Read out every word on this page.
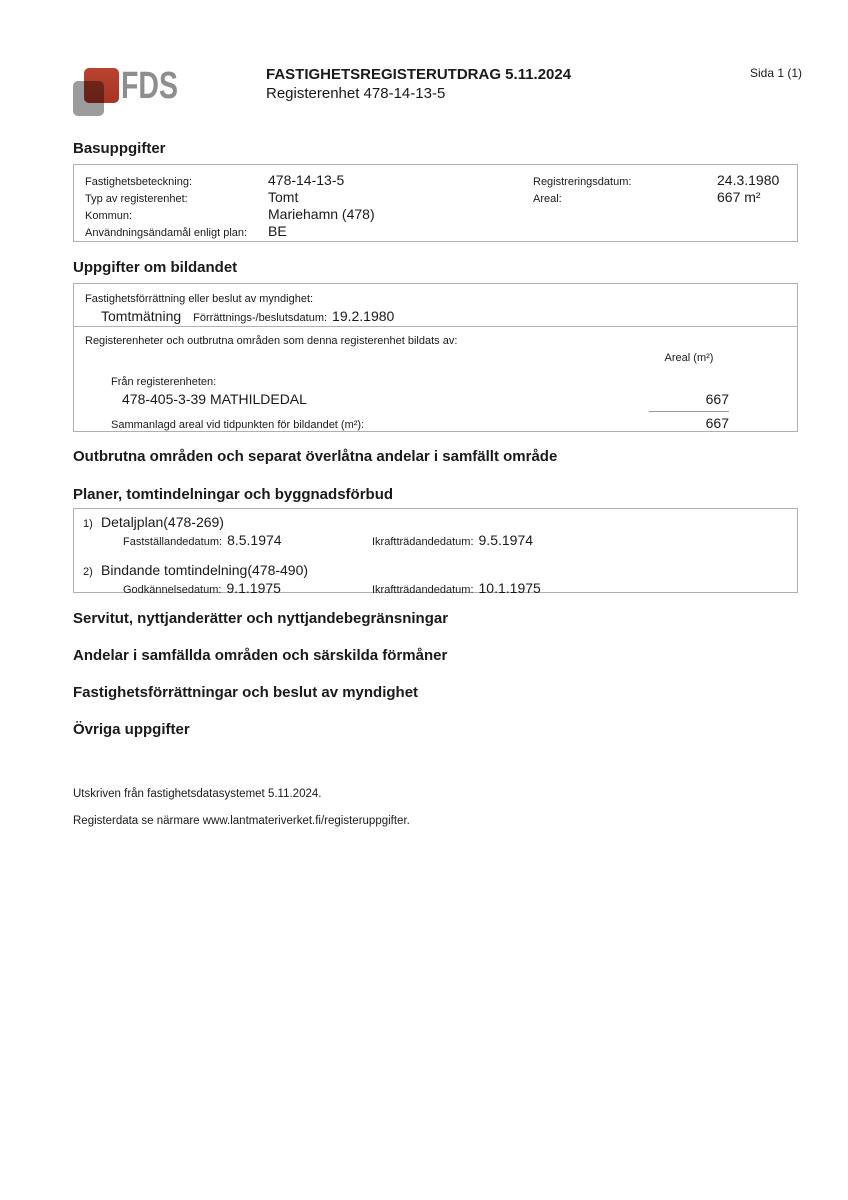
FDS	FASTIGHETSREGISTERUTDRAG 5.11.2024
Registerenhet 478-14-13-5
Sida 1 (1)
Basuppgifter
Fastighetsbeteckning:	478-14-13-5
Typ av registerenhet:	Tomt
Kommun:	Mariehamn (478)
Användningsändamål enligt plan:	BE
Registreringsdatum:	24.3.1980
Areal:	667 m²
Uppgifter om bildandet
Fastighetsförrättning eller beslut av myndighet:
Tomtmätning Förrättnings-/beslutsdatum: 19.2.1980
Registerenheter och outbrutna områden som denna registerenhet bildats av:
Areal (m²)
Från registerenheten:
478-405-3-39 MATHILDEDAL	667
Sammanlagd areal vid tidpunkten för bildandet (m²):	667
Outbrutna områden och separat överlåtna andelar i samfällt område
Planer, tomtindelningar och byggnadsförbud
1) Detaljplan(478-269)
Fastställandedatum: 8.5.1974	Ikraftträdandedatum: 9.5.1974
2) Bindande tomtindelning(478-490)
Godkännelsedatum: 9.1.1975	Ikraftträdandedatum: 10.1.1975
Servitut, nyttjanderätter och nyttjandebegränsningar
Andelar i samfällda områden och särskilda förmåner
Fastighetsförrättningar och beslut av myndighet
Övriga uppgifter
Utskriven från fastighetsdatasystemet 5.11.2024.
Registerdata se närmare www.lantmateriverket.fi/registeruppgifter.
